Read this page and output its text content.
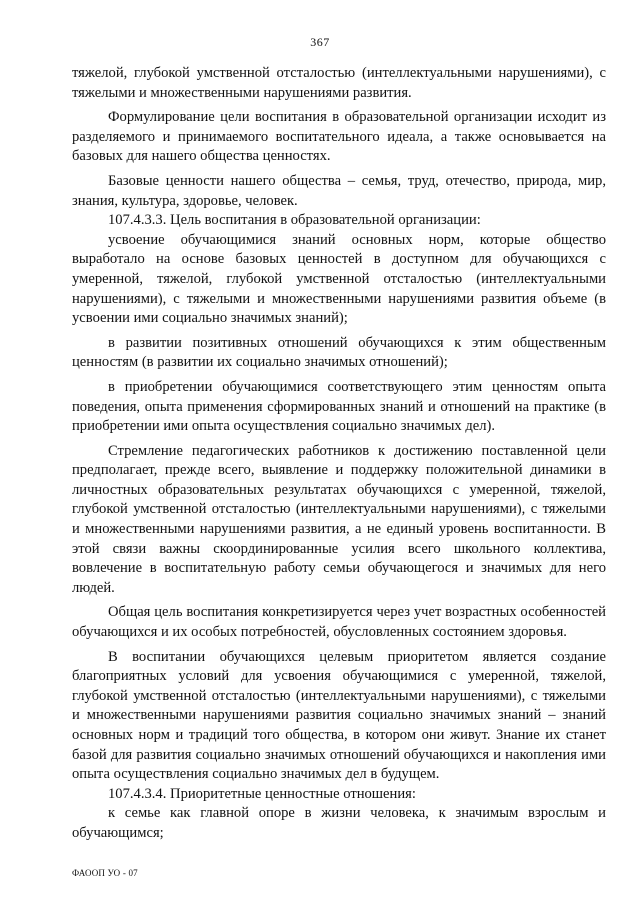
367

тяжелой, глубокой умственной отсталостью (интеллектуальными нарушениями), с тяжелыми и множественными нарушениями развития.

Формулирование цели воспитания в образовательной организации исходит из разделяемого и принимаемого воспитательного идеала, а также основывается на базовых для нашего общества ценностях.

Базовые ценности нашего общества – семья, труд, отечество, природа, мир, знания, культура, здоровье, человек.

107.4.3.3. Цель воспитания в образовательной организации:

усвоение обучающимися знаний основных норм, которые общество выработало на основе базовых ценностей в доступном для обучающихся с умеренной, тяжелой, глубокой умственной отсталостью (интеллектуальными нарушениями), с тяжелыми и множественными нарушениями развития объеме (в усвоении ими социально значимых знаний);

в развитии позитивных отношений обучающихся к этим общественным ценностям (в развитии их социально значимых отношений);

в приобретении обучающимися соответствующего этим ценностям опыта поведения, опыта применения сформированных знаний и отношений на практике (в приобретении ими опыта осуществления социально значимых дел).

Стремление педагогических работников к достижению поставленной цели предполагает, прежде всего, выявление и поддержку положительной динамики в личностных образовательных результатах обучающихся с умеренной, тяжелой, глубокой умственной отсталостью (интеллектуальными нарушениями), с тяжелыми и множественными нарушениями развития, а не единый уровень воспитанности. В этой связи важны скоординированные усилия всего школьного коллектива, вовлечение в воспитательную работу семьи обучающегося и значимых для него людей.

Общая цель воспитания конкретизируется через учет возрастных особенностей обучающихся и их особых потребностей, обусловленных состоянием здоровья.

В воспитании обучающихся целевым приоритетом является создание благоприятных условий для усвоения обучающимися с умеренной, тяжелой, глубокой умственной отсталостью (интеллектуальными нарушениями), с тяжелыми и множественными нарушениями развития социально значимых знаний – знаний основных норм и традиций того общества, в котором они живут. Знание их станет базой для развития социально значимых отношений обучающихся и накопления ими опыта осуществления социально значимых дел в будущем.

107.4.3.4. Приоритетные ценностные отношения:

к семье как главной опоре в жизни человека, к значимым взрослым и обучающимся;

ФАООП УО - 07
